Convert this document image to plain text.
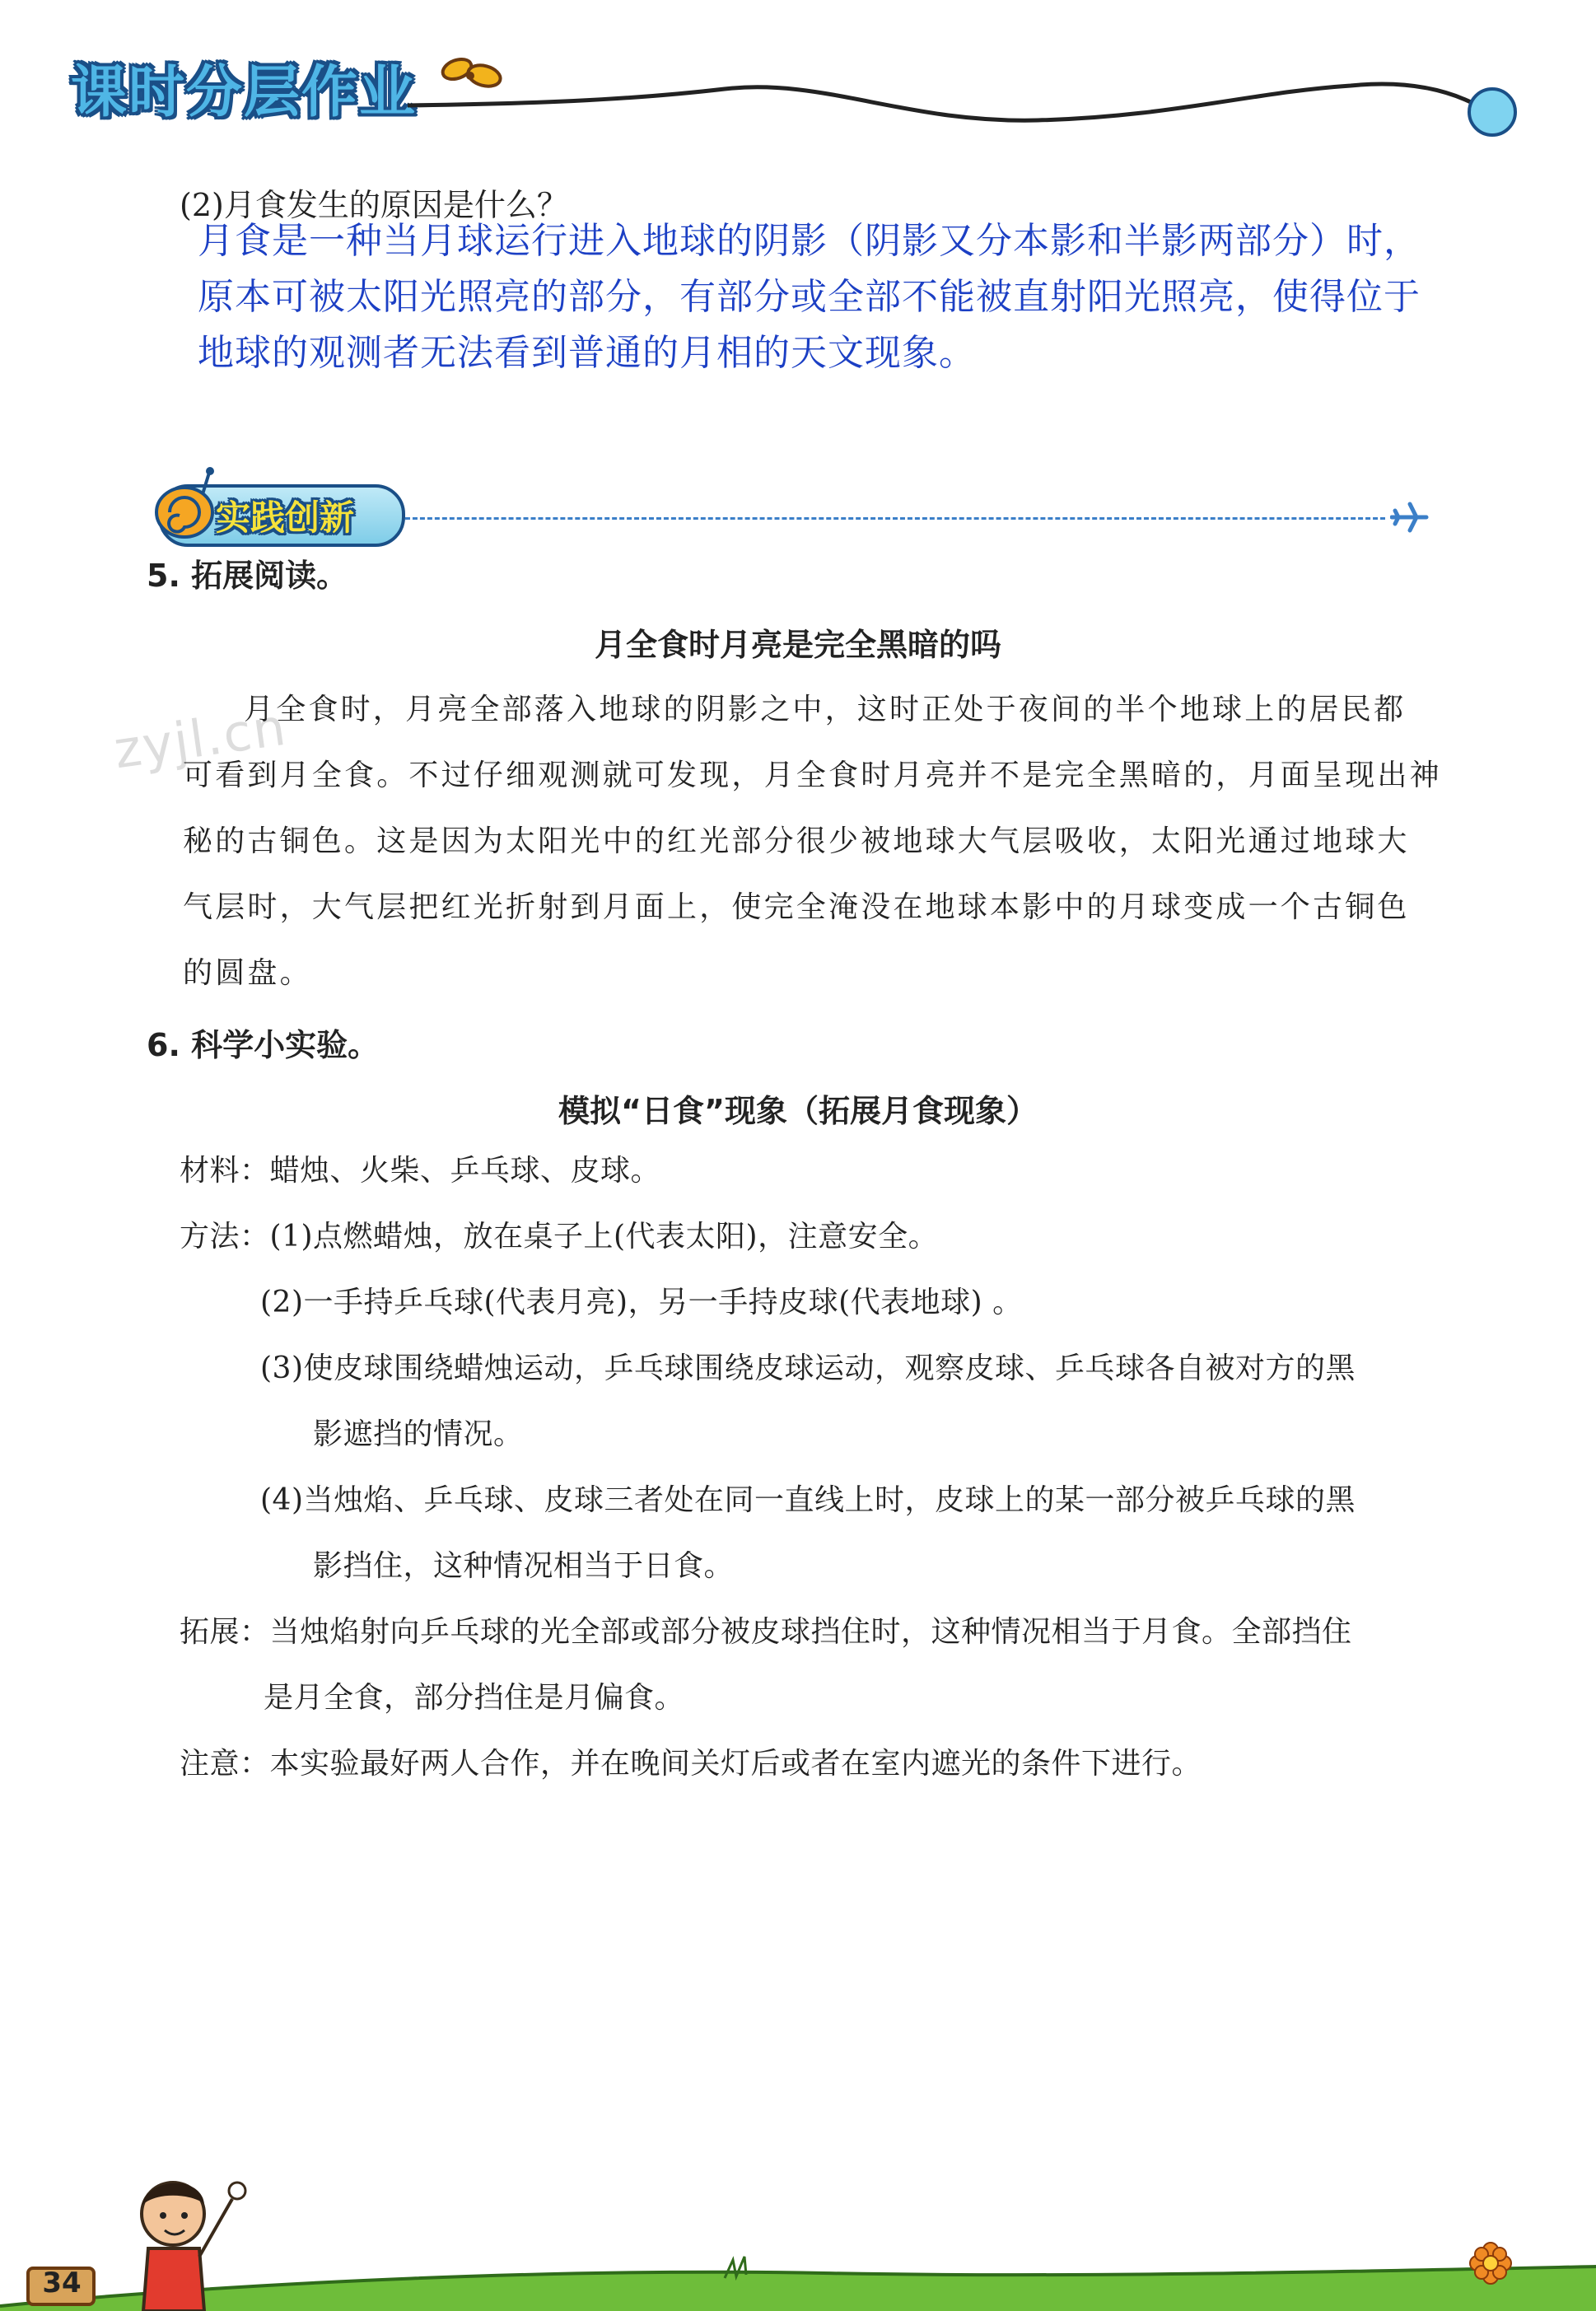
课时分层作业
(2)月食发生的原因是什么？
月食是一种当月球运行进入地球的阴影（阴影又分本影和半影两部分）时，
原本可被太阳光照亮的部分，有部分或全部不能被直射阳光照亮，使得位于
地球的观测者无法看到普通的月相的天文现象。
实践创新
5. 拓展阅读。
月全食时月亮是完全黑暗的吗
zyjl.cn
月全食时，月亮全部落入地球的阴影之中，这时正处于夜间的半个地球上的居民都
可看到月全食。不过仔细观测就可发现，月全食时月亮并不是完全黑暗的，月面呈现出神
秘的古铜色。这是因为太阳光中的红光部分很少被地球大气层吸收，太阳光通过地球大
气层时，大气层把红光折射到月面上，使完全淹没在地球本影中的月球变成一个古铜色
的圆盘。
6. 科学小实验。
模拟“日食”现象（拓展月食现象）
材料：蜡烛、火柴、乒乓球、皮球。
方法：(1)点燃蜡烛，放在桌子上(代表太阳)，注意安全。
(2)一手持乒乓球(代表月亮)，另一手持皮球(代表地球) 。
(3)使皮球围绕蜡烛运动，乒乓球围绕皮球运动，观察皮球、乒乓球各自被对方的黑
影遮挡的情况。
(4)当烛焰、乒乓球、皮球三者处在同一直线上时，皮球上的某一部分被乒乓球的黑
影挡住，这种情况相当于日食。
拓展：当烛焰射向乒乓球的光全部或部分被皮球挡住时，这种情况相当于月食。全部挡住
是月全食，部分挡住是月偏食。
注意：本实验最好两人合作，并在晚间关灯后或者在室内遮光的条件下进行。
34
